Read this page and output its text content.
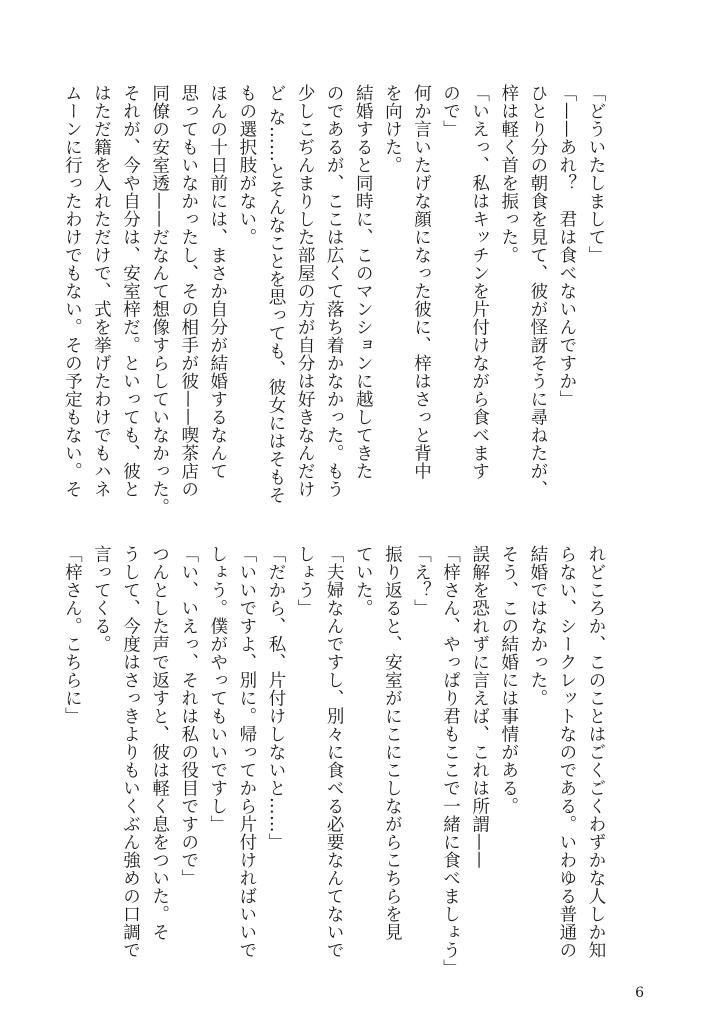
「どういたしまして」
「——あれ？　君は食べないんですか」
ひとり分の朝食を見て、彼が怪訝そうに尋ねたが、
梓は軽く首を振った。
「いえっ、私はキッチンを片付けながら食べます
ので」
何か言いたげな顔になった彼に、梓はさっと背中
を向けた。
結婚すると同時に、このマンションに越してきた
のであるが、ここは広くて落ち着かなかった。もう
少しこぢんまりした部屋の方が自分は好きなんだけ
ど な……とそんなことを思っても、彼女にはそもそ
もの選択肢がない。
ほんの十日前には、まさか自分が結婚するなんて
思ってもいなかったし、その相手が彼——喫茶店の
同僚の安室透——だなんて想像すらしていなかった。
それが、今や自分は、安室梓だ。といっても、彼と
はただ籍を入れただけで、式を挙げたわけでもハネ
ムーンに行ったわけでもない。その予定もない。そ
れどころか、このことはごくごくわずかな人しか知
らない、シークレットなのである。いわゆる普通の
結婚ではなかった。
そう、この結婚には事情がある。
誤解を恐れずに言えば、これは所謂——
「梓さん、やっぱり君もここで一緒に食べましょう」
「え？」
振り返ると、安室がにこにこしながらこちらを見
ていた。
「夫婦なんですし、別々に食べる必要なんてないで
しょう」
「だから、私、片付けしないと……」
「いいですよ、別に。帰ってから片付ければいいで
しょう。僕がやってもいいですし」
「い、いえっ、それは私の役目ですので」
つんとした声で返すと、彼は軽く息をついた。そ
うして、今度はさっきよりもいくぶん強めの口調で
言ってくる。
「梓さん。こちらに」
6
